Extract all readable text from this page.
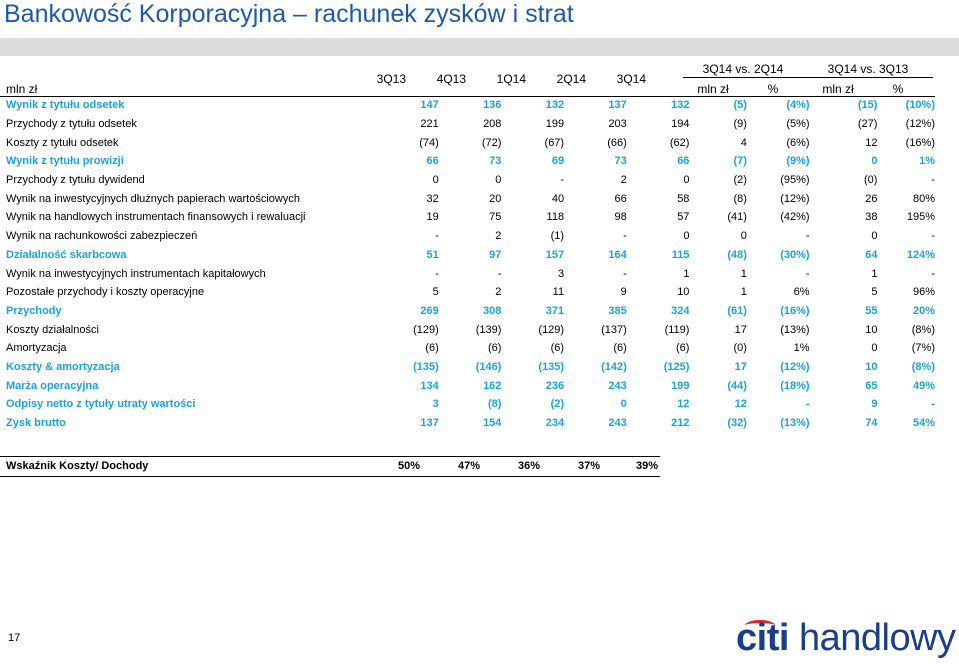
Bankowość Korporacyjna – rachunek zysków i strat
3Q14 vs. 2Q14	3Q14 vs. 3Q13
3Q13	4Q13	1Q14	2Q14	3Q14
mln zł	mln zł	%	mln zł	%
Wynik z tytułu odsetek	147	136	132	137	132	(5)	(4%)	(15)	(10%)
Przychody z tytułu odsetek	221	208	199	203	194	(9)	(5%)	(27)	(12%)
Koszty z tytułu odsetek	(74)	(72)	(67)	(66)	(62)	4	(6%)	12	(16%)
Wynik z tytułu prowizji	66	73	69	73	66	(7)	(9%)	0	1%
Przychody z tytułu dywidend	0	0	-	2	0	(2)	(95%)	(0)	-
Wynik na inwestycyjnych dłużnych papierach wartościowych	32	20	40	66	58	(8)	(12%)	26	80%
Wynik na handlowych instrumentach finansowych i rewaluacji	19	75	118	98	57	(41)	(42%)	38	195%
Wynik na rachunkowości zabezpieczeń	-	2	(1)	-	0	0	-	0	-
Działalność skarbcowa	51	97	157	164	115	(48)	(30%)	64	124%
Wynik na inwestycyjnych instrumentach kapitałowych	-	-	3	-	1	1	-	1	-
Pozostałe przychody i koszty operacyjne	5	2	11	9	10	1	6%	5	96%
Przychody	269	308	371	385	324	(61)	(16%)	55	20%
Koszty działalności	(129)	(139)	(129)	(137)	(119)	17	(13%)	10	(8%)
Amortyzacja	(6)	(6)	(6)	(6)	(6)	(0)	1%	0	(7%)
Koszty & amortyzacja	(135)	(146)	(135)	(142)	(125)	17	(12%)	10	(8%)
Marża operacyjna	134	162	236	243	199	(44)	(18%)	65	49%
Odpisy netto z tytuły utraty wartości	3	(8)	(2)	0	12	12	-	9	-
Zysk brutto	137	154	234	243	212	(32)	(13%)	74	54%
Wskaźnik Koszty/ Dochody	50%	47%	36%	37%	39%
17	citi handlowy
